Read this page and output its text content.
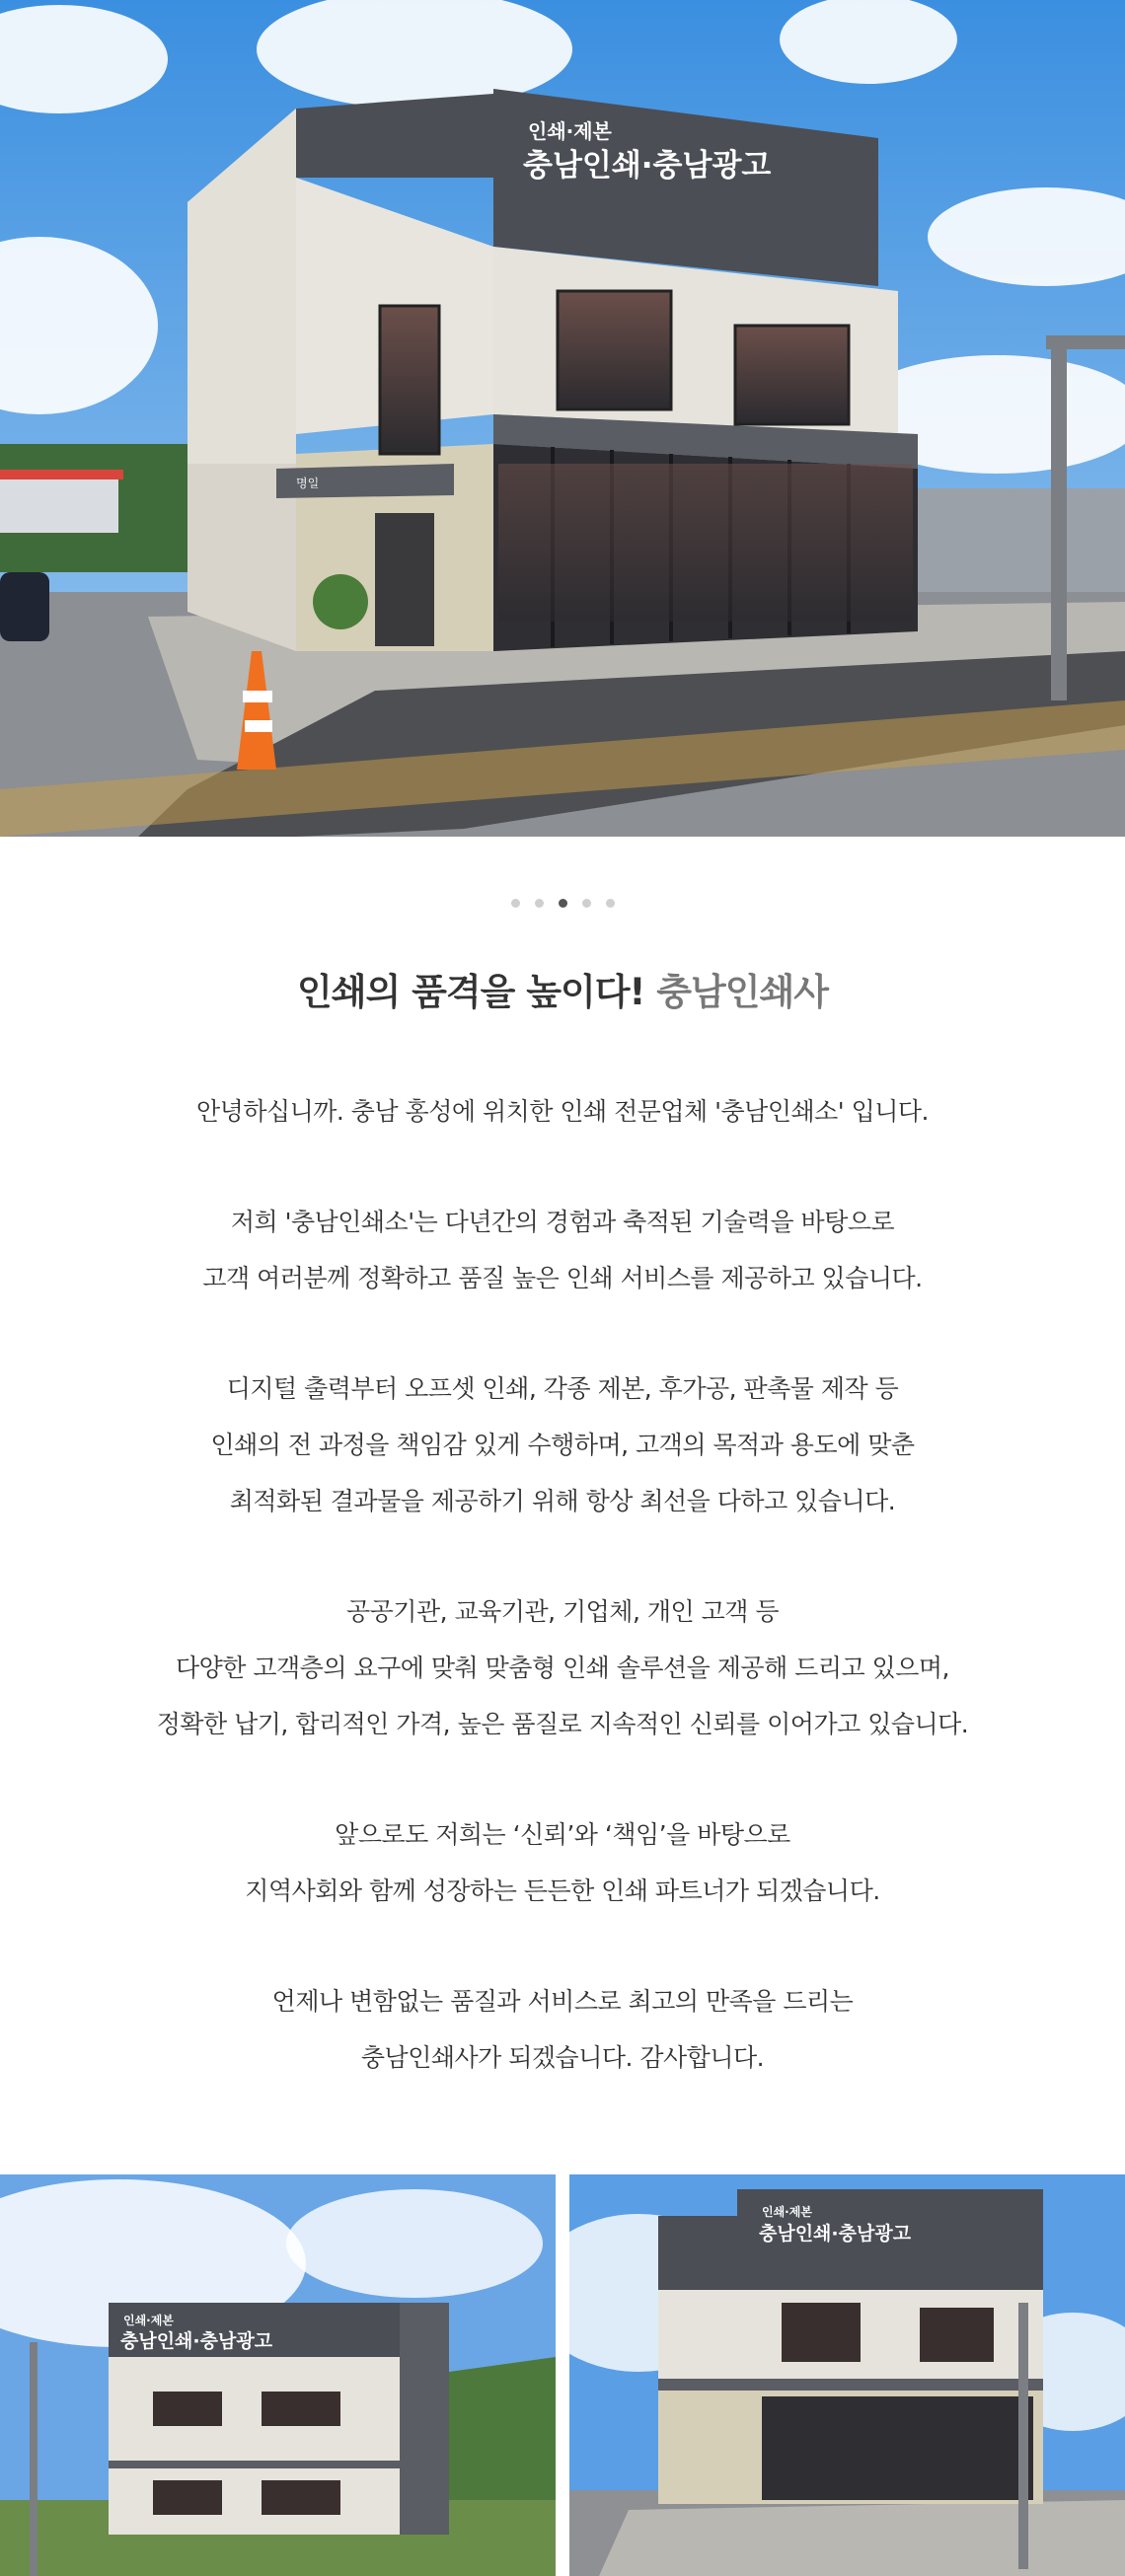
명일
인쇄·제본
충남인쇄·충남광고
인쇄의 품격을 높이다! 충남인쇄사

안녕하십니까. 충남 홍성에 위치한 인쇄 전문업체 '충남인쇄소' 입니다.

저희 '충남인쇄소'는 다년간의 경험과 축적된 기술력을 바탕으로
고객 여러분께 정확하고 품질 높은 인쇄 서비스를 제공하고 있습니다.

디지털 출력부터 오프셋 인쇄, 각종 제본, 후가공, 판촉물 제작 등
인쇄의 전 과정을 책임감 있게 수행하며, 고객의 목적과 용도에 맞춘
최적화된 결과물을 제공하기 위해 항상 최선을 다하고 있습니다.

공공기관, 교육기관, 기업체, 개인 고객 등
다양한 고객층의 요구에 맞춰 맞춤형 인쇄 솔루션을 제공해 드리고 있으며,
정확한 납기, 합리적인 가격, 높은 품질로 지속적인 신뢰를 이어가고 있습니다.

앞으로도 저희는 ‘신뢰’와 ‘책임’을 바탕으로
지역사회와 함께 성장하는 든든한 인쇄 파트너가 되겠습니다.

언제나 변함없는 품질과 서비스로 최고의 만족을 드리는
충남인쇄사가 되겠습니다. 감사합니다.

인쇄·제본
충남인쇄·충남광고
인쇄·제본
충남인쇄·충남광고
